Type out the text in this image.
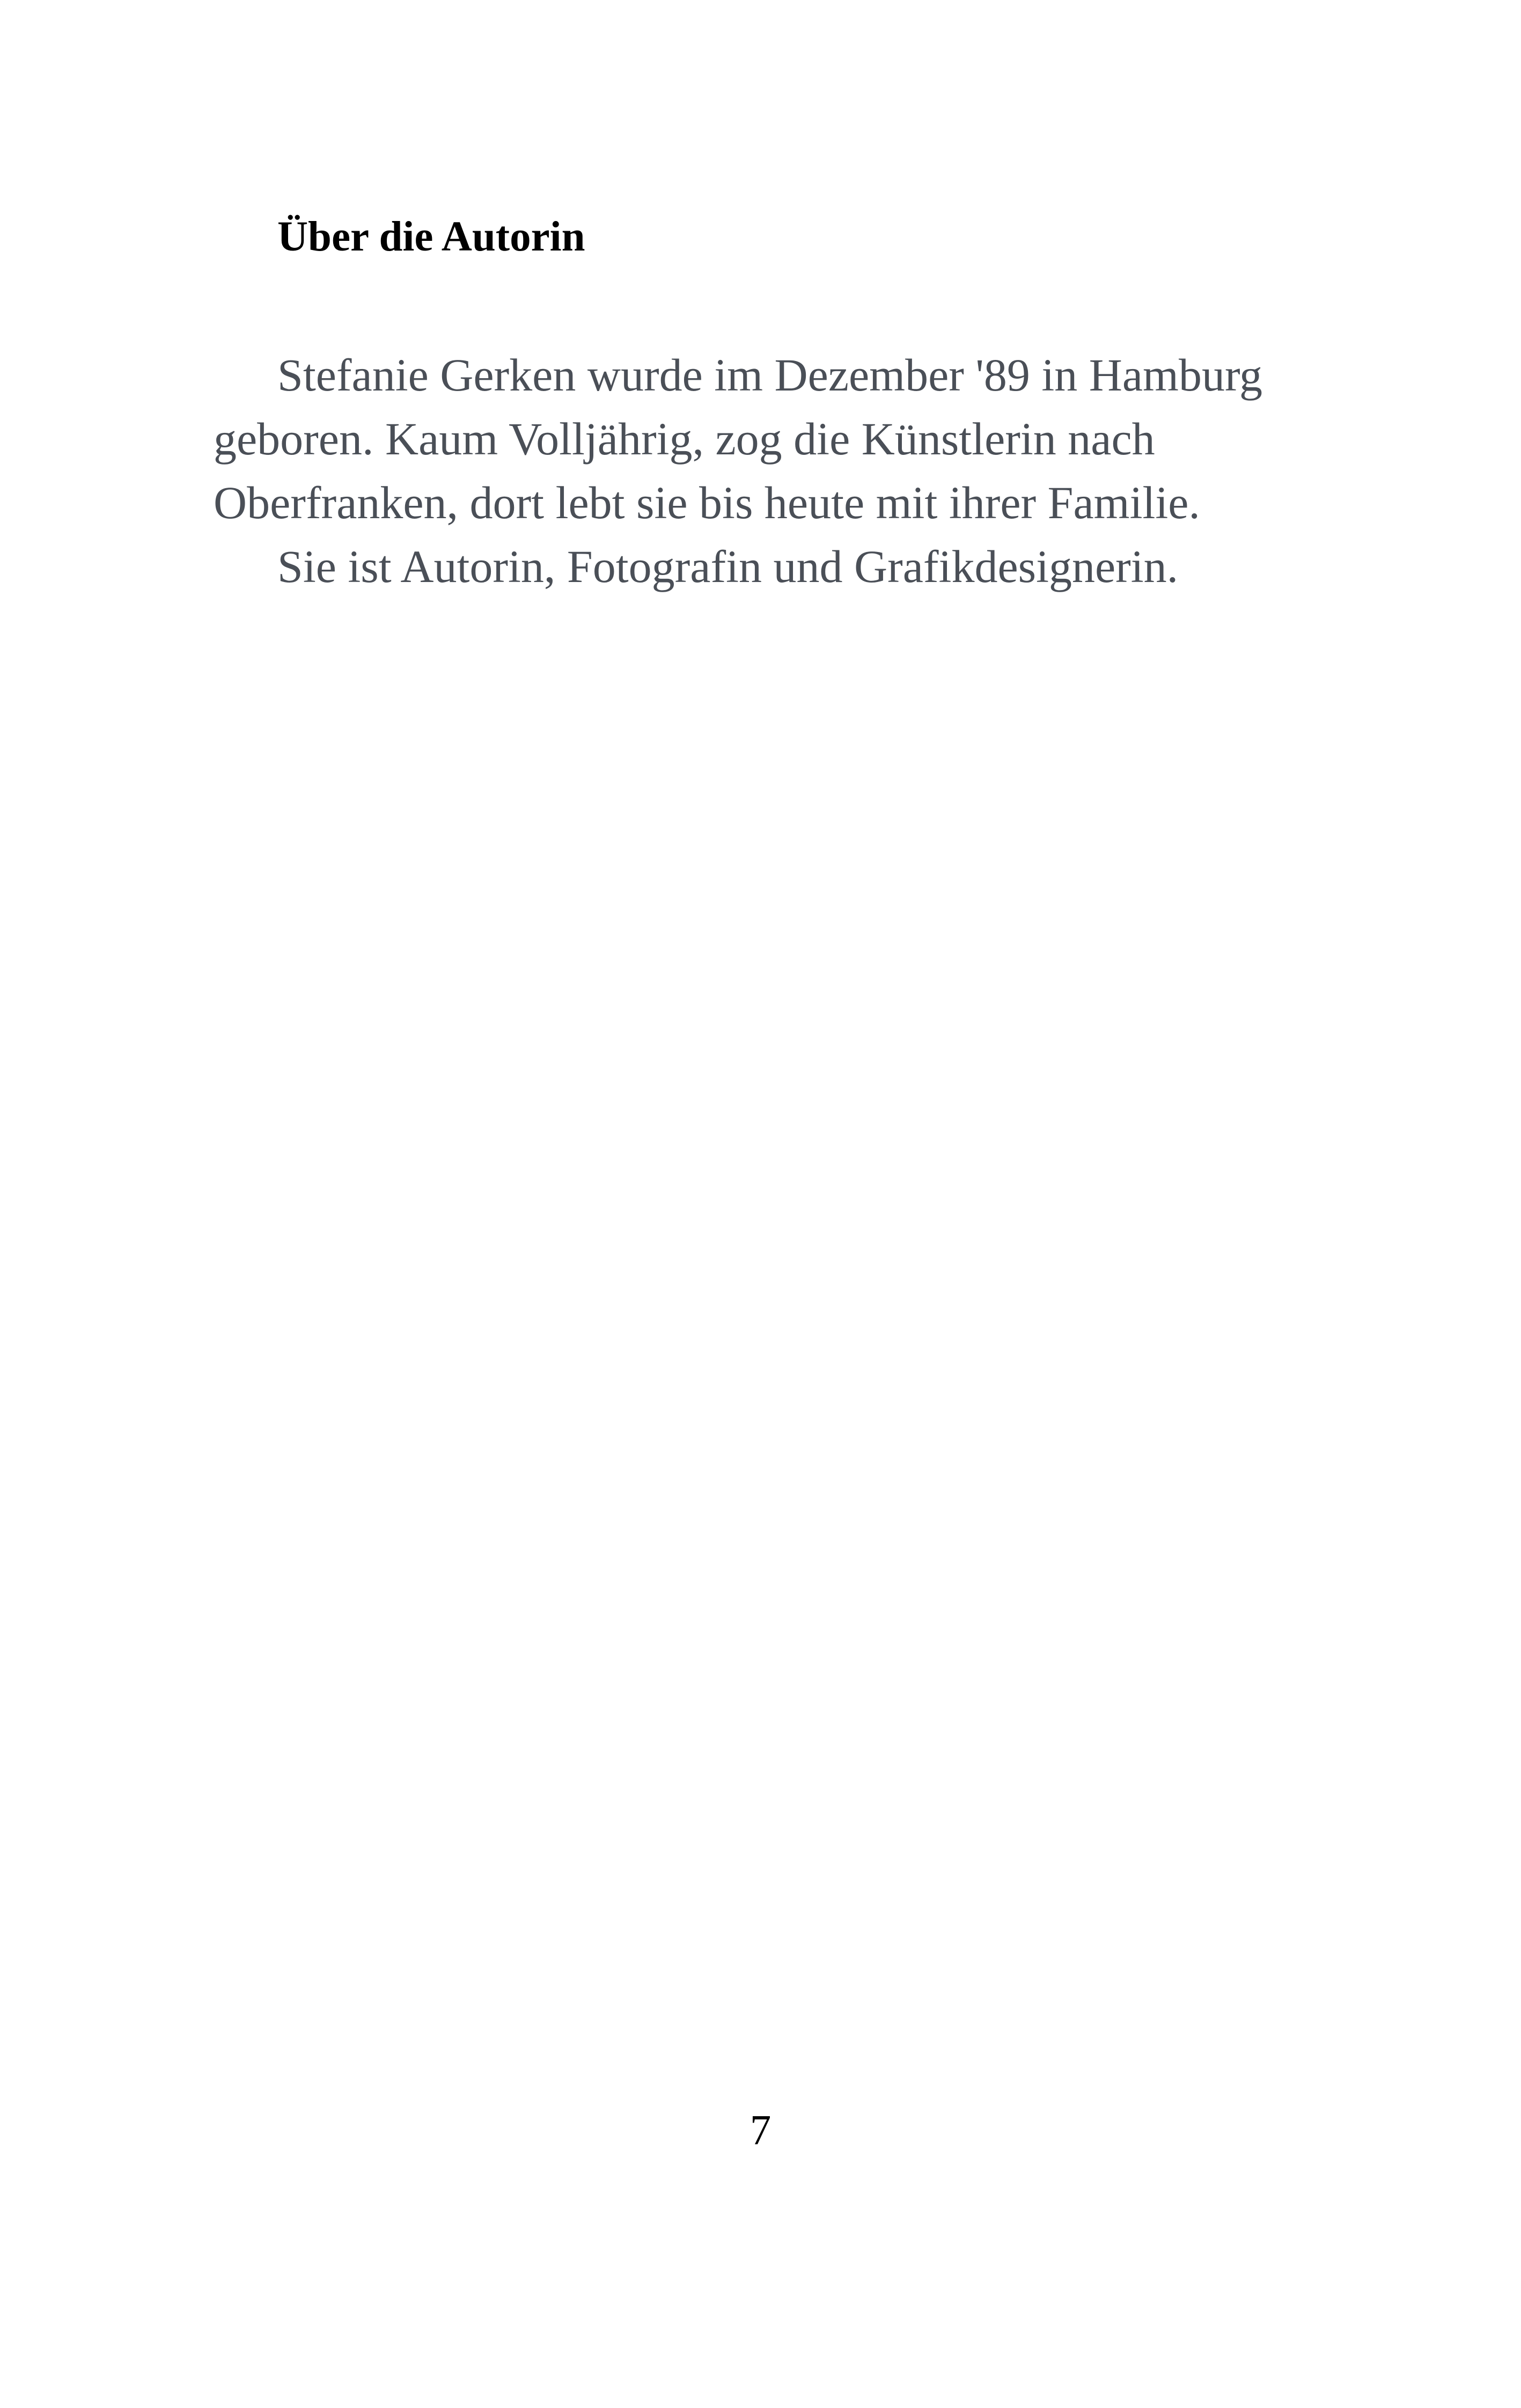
Über die Autorin

Stefanie Gerken wurde im Dezember '89 in Hamburg
geboren. Kaum Volljährig, zog die Künstlerin nach
Oberfranken, dort lebt sie bis heute mit ihrer Familie.

Sie ist Autorin, Fotografin und Grafikdesignerin.

7
